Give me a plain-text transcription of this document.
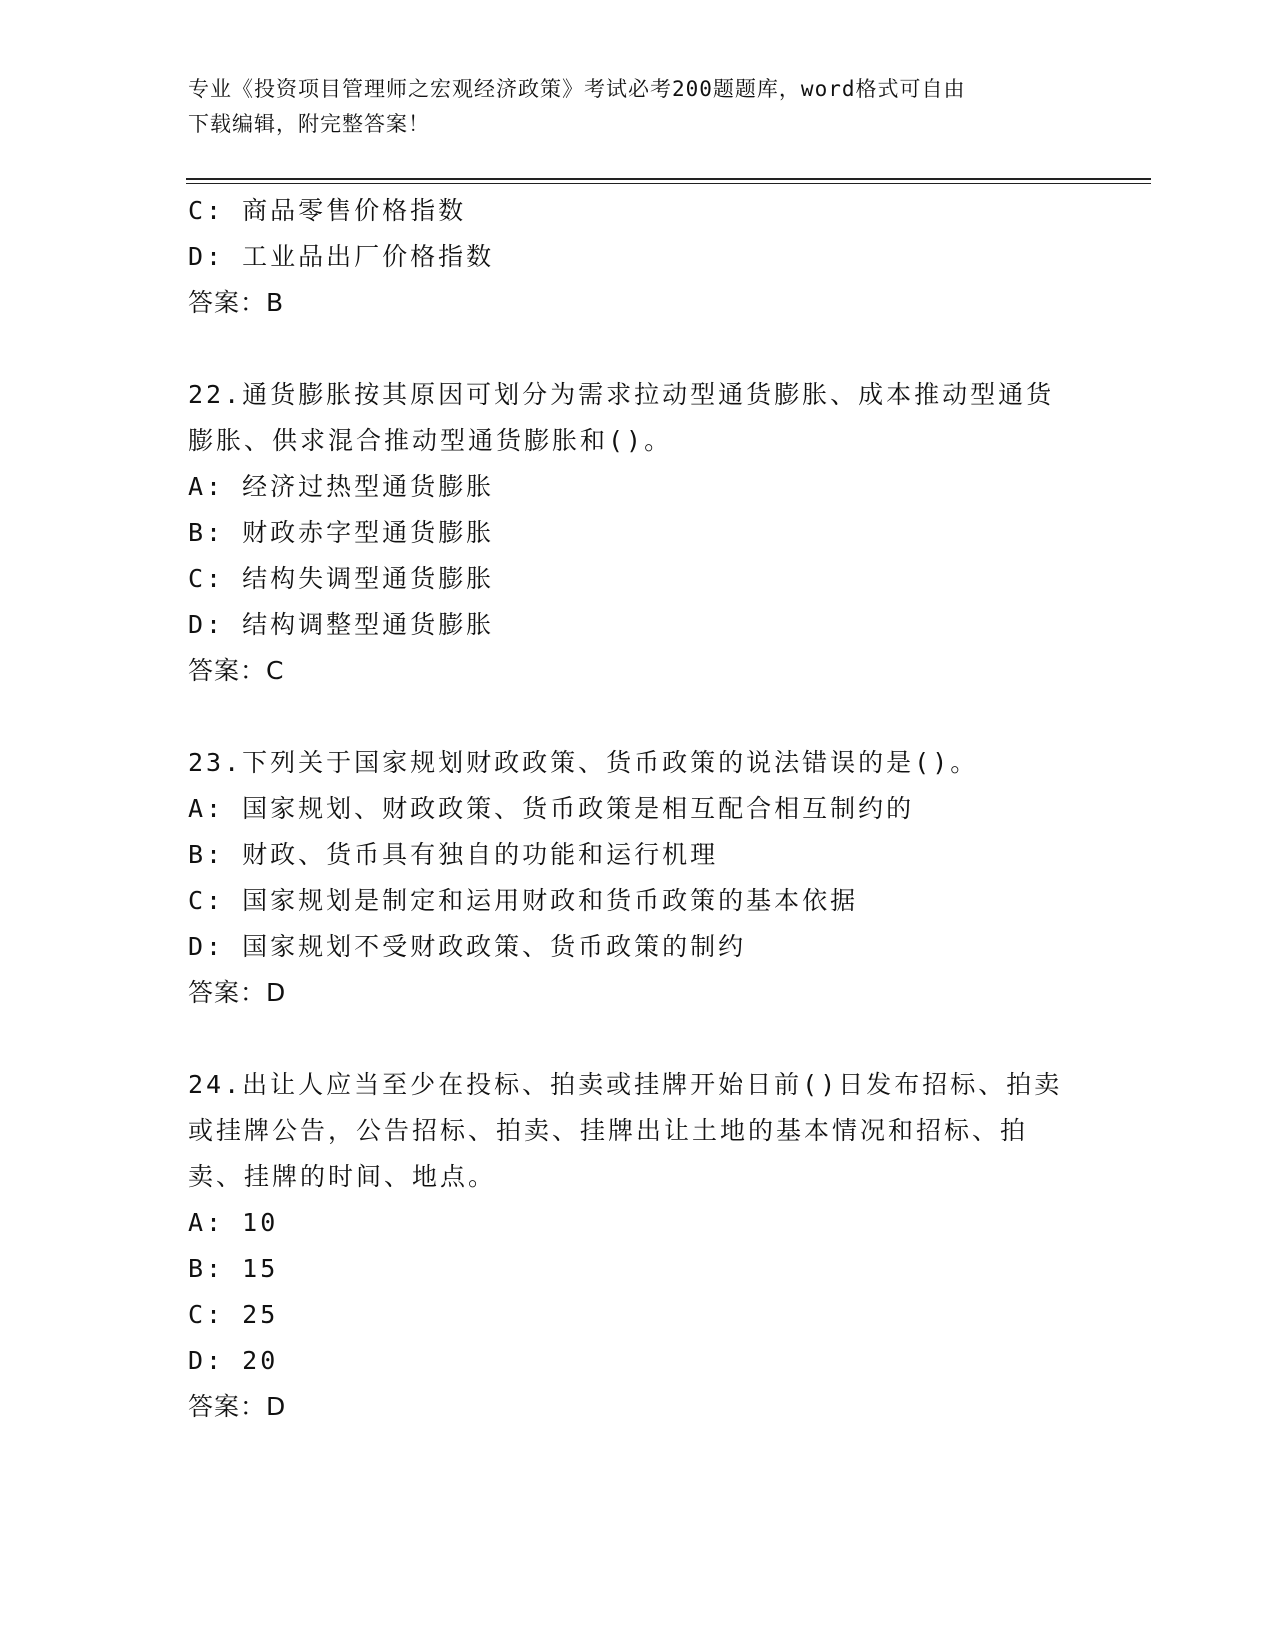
专业《投资项目管理师之宏观经济政策》考试必考200题题库，word格式可自由
下载编辑，附完整答案！
C: 商品零售价格指数
D: 工业品出厂价格指数
答案：B
22.通货膨胀按其原因可划分为需求拉动型通货膨胀、成本推动型通货
膨胀、供求混合推动型通货膨胀和()。
A: 经济过热型通货膨胀
B: 财政赤字型通货膨胀
C: 结构失调型通货膨胀
D: 结构调整型通货膨胀
答案：C
23.下列关于国家规划财政政策、货币政策的说法错误的是()。
A: 国家规划、财政政策、货币政策是相互配合相互制约的
B: 财政、货币具有独自的功能和运行机理
C: 国家规划是制定和运用财政和货币政策的基本依据
D: 国家规划不受财政政策、货币政策的制约
答案：D
24.出让人应当至少在投标、拍卖或挂牌开始日前()日发布招标、拍卖
或挂牌公告，公告招标、拍卖、挂牌出让土地的基本情况和招标、拍
卖、挂牌的时间、地点。
A: 10
B: 15
C: 25
D: 20
答案：D
